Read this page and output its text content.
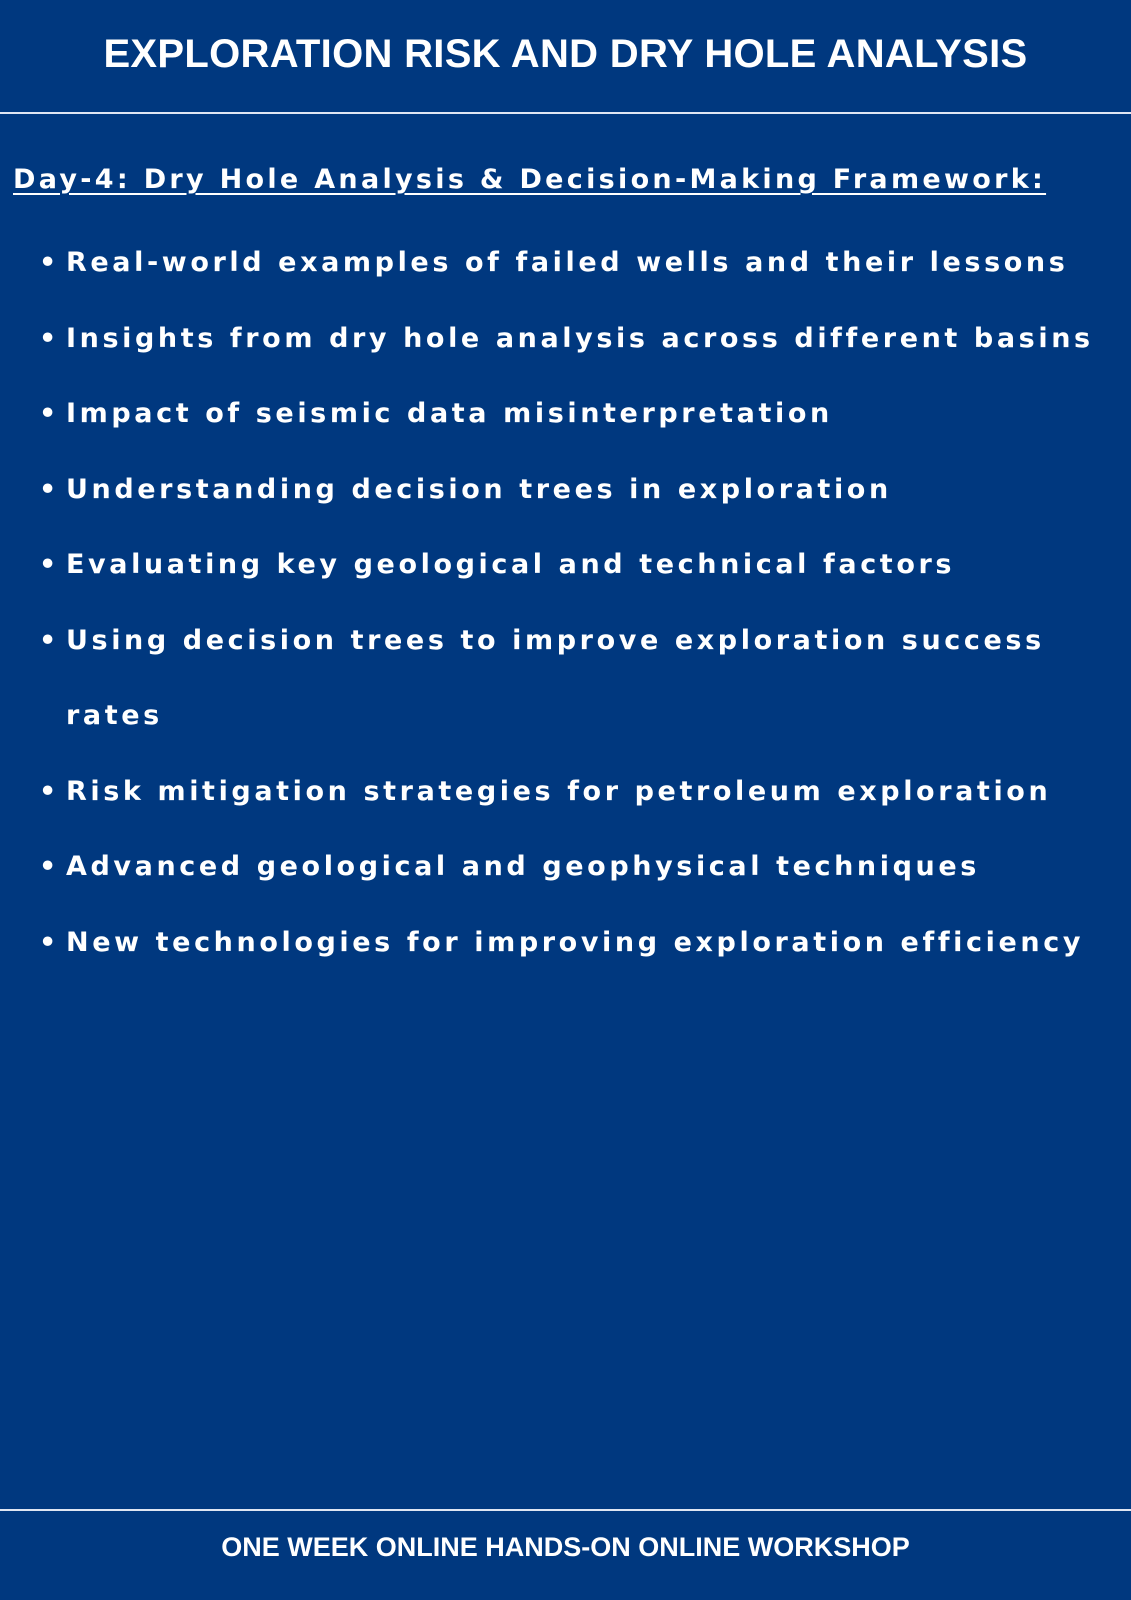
EXPLORATION RISK AND DRY HOLE ANALYSIS
Day-4: Dry Hole Analysis & Decision-Making Framework:
• Real-world examples of failed wells and their lessons
• Insights from dry hole analysis across different basins
• Impact of seismic data misinterpretation
• Understanding decision trees in exploration
• Evaluating key geological and technical factors
• Using decision trees to improve exploration success rates
• Risk mitigation strategies for petroleum exploration
• Advanced geological and geophysical techniques
• New technologies for improving exploration efficiency
ONE WEEK ONLINE HANDS-ON ONLINE WORKSHOP
